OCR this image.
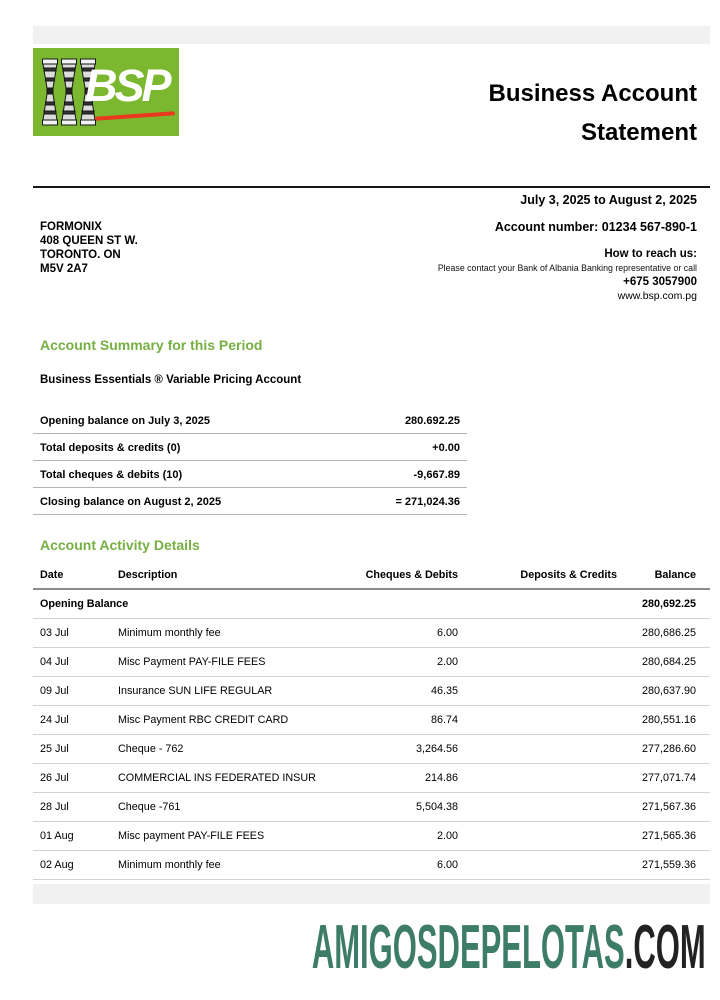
BSP	Business Account
Statement
July 3, 2025 to August 2, 2025
FORMONIX
408 QUEEN ST W.
TORONTO. ON
M5V 2A7
Account number: 01234 567-890-1
How to reach us:
Please contact your Bank of Albania Banking representative or call
+675 3057900
www.bsp.com.pg
Account Summary for this Period
Business Essentials ® Variable Pricing Account
Opening balance on July 3, 2025	280.692.25
Total deposits & credits (0)	+0.00
Total cheques & debits (10)	-9,667.89
Closing balance on August 2, 2025	= 271,024.36
Account Activity Details
Date	Description	Cheques & Debits	Deposits & Credits	Balance
Opening Balance				280,692.25
03 Jul	Minimum monthly fee	6.00		280,686.25
04 Jul	Misc Payment PAY-FILE FEES	2.00		280,684.25
09 Jul	Insurance SUN LIFE REGULAR	46.35		280,637.90
24 Jul	Misc Payment RBC CREDIT CARD	86.74		280,551.16
25 Jul	Cheque - 762	3,264.56		277,286.60
26 Jul	COMMERCIAL INS FEDERATED INSUR	214.86		277,071.74
28 Jul	Cheque -761	5,504.38		271,567.36
01 Aug	Misc payment PAY-FILE FEES	2.00		271,565.36
02 Aug	Minimum monthly fee	6.00		271,559.36
AMIGOSDEPELOTAS.COM
